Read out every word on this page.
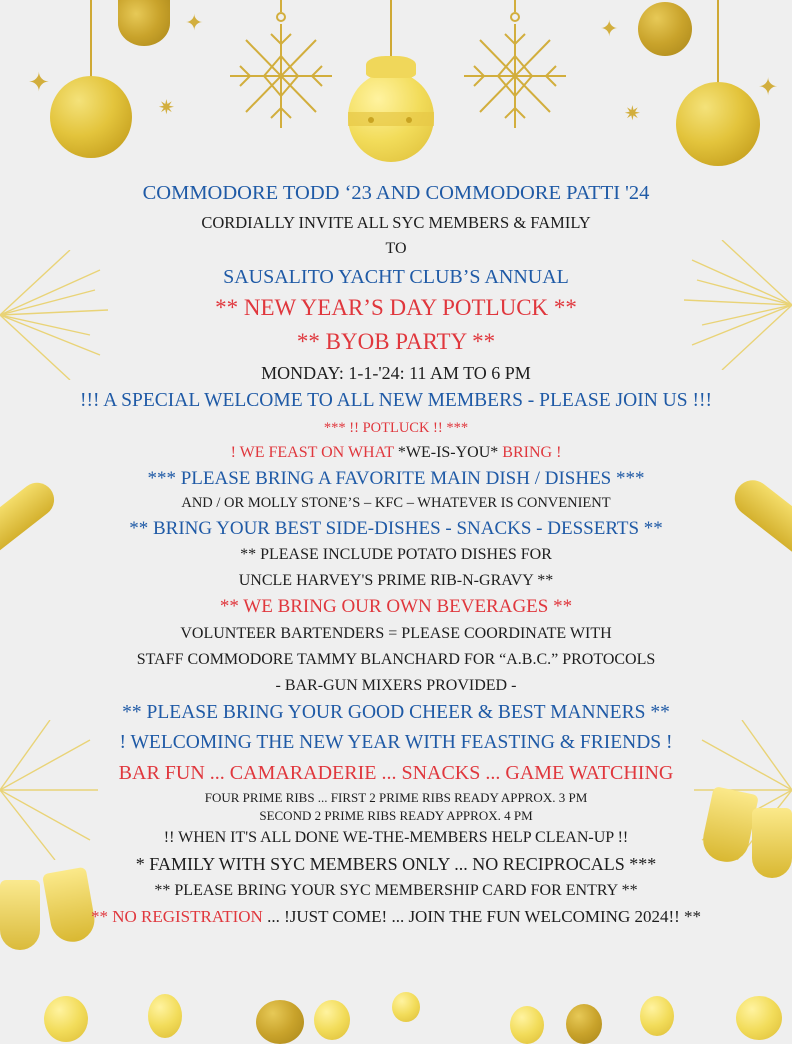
✦
✦
✷
✦
✷
✦
COMMODORE TODD ‘23 AND COMMODORE PATTI '24
CORDIALLY INVITE ALL SYC MEMBERS & FAMILY
TO
SAUSALITO YACHT CLUB’S ANNUAL
** NEW YEAR’S DAY POTLUCK **
** BYOB PARTY **
MONDAY: 1-1-'24: 11 AM TO 6 PM
!!! A SPECIAL WELCOME TO ALL NEW MEMBERS - PLEASE JOIN US !!!
*** !! POTLUCK !! ***
! WE FEAST ON WHAT *WE-IS-YOU* BRING !
*** PLEASE BRING A FAVORITE MAIN DISH / DISHES ***
AND / OR MOLLY STONE’S – KFC – WHATEVER IS CONVENIENT
** BRING YOUR BEST SIDE-DISHES - SNACKS - DESSERTS **
** PLEASE INCLUDE POTATO DISHES FOR
UNCLE HARVEY'S PRIME RIB-N-GRAVY **
** WE BRING OUR OWN BEVERAGES **
VOLUNTEER BARTENDERS = PLEASE COORDINATE WITH
STAFF COMMODORE TAMMY BLANCHARD FOR “A.B.C.” PROTOCOLS
- BAR-GUN MIXERS PROVIDED -
** PLEASE BRING YOUR GOOD CHEER & BEST MANNERS **
! WELCOMING THE NEW YEAR WITH FEASTING & FRIENDS !
BAR FUN ... CAMARADERIE ... SNACKS ... GAME WATCHING
FOUR PRIME RIBS ... FIRST 2 PRIME RIBS READY APPROX. 3 PM
SECOND 2 PRIME RIBS READY APPROX. 4 PM
!! WHEN IT'S ALL DONE WE-THE-MEMBERS HELP CLEAN-UP !!
* FAMILY WITH SYC MEMBERS ONLY ... NO RECIPROCALS ***
** PLEASE BRING YOUR SYC MEMBERSHIP CARD FOR ENTRY **
** NO REGISTRATION ... !JUST COME! ... JOIN THE FUN WELCOMING 2024!! **
